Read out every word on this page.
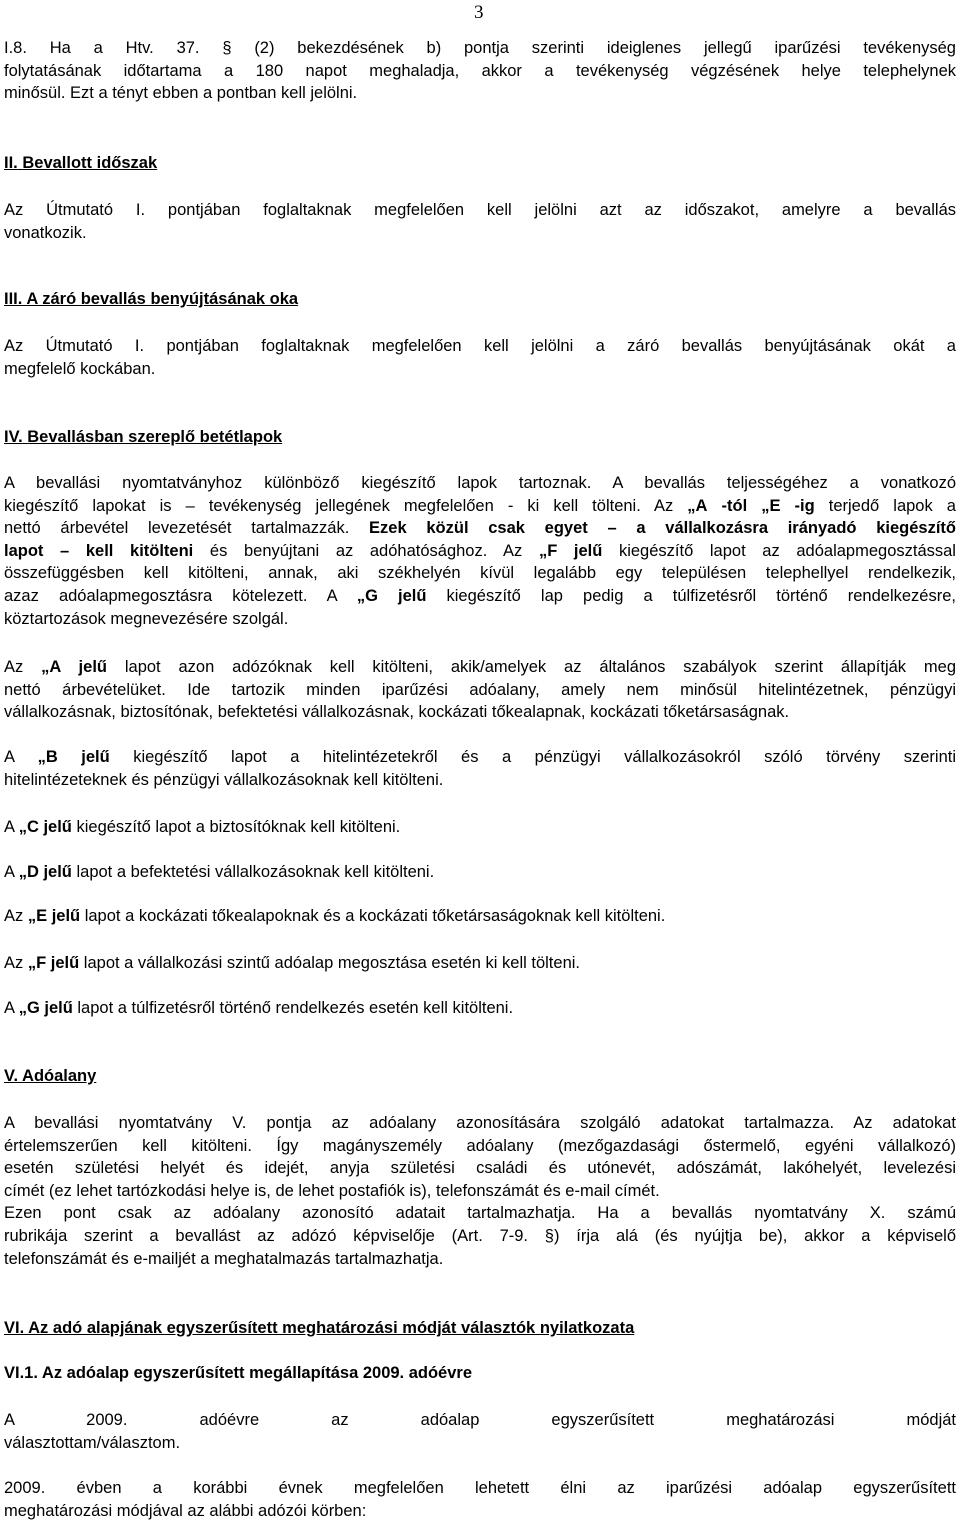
3
I.8. Ha a Htv. 37. § (2) bekezdésének b) pontja szerinti ideiglenes jellegű iparűzési tevékenység
folytatásának időtartama a 180 napot meghaladja, akkor a tevékenység végzésének helye telephelynek
minősül. Ezt a tényt ebben a pontban kell jelölni.
II. Bevallott időszak
Az Útmutató I. pontjában foglaltaknak megfelelően kell jelölni azt az időszakot, amelyre a bevallás
vonatkozik.
III. A záró bevallás benyújtásának oka
Az Útmutató I. pontjában foglaltaknak megfelelően kell jelölni a záró bevallás benyújtásának okát a
megfelelő kockában.
IV. Bevallásban szereplő betétlapok
A bevallási nyomtatványhoz különböző kiegészítő lapok tartoznak. A bevallás teljességéhez a vonatkozó
kiegészítő lapokat is – tevékenység jellegének megfelelően - ki kell tölteni. Az „A -tól „E -ig terjedő lapok a
nettó árbevétel levezetését tartalmazzák. Ezek közül csak egyet – a vállalkozásra irányadó kiegészítő
lapot – kell kitölteni és benyújtani az adóhatósághoz. Az „F jelű kiegészítő lapot az adóalapmegosztással
összefüggésben kell kitölteni, annak, aki székhelyén kívül legalább egy településen telephellyel rendelkezik,
azaz adóalapmegosztásra kötelezett. A „G jelű kiegészítő lap pedig a túlfizetésről történő rendelkezésre,
köztartozások megnevezésére szolgál.
Az „A jelű lapot azon adózóknak kell kitölteni, akik/amelyek az általános szabályok szerint állapítják meg
nettó árbevételüket. Ide tartozik minden iparűzési adóalany, amely nem minősül hitelintézetnek, pénzügyi
vállalkozásnak, biztosítónak, befektetési vállalkozásnak, kockázati tőkealapnak, kockázati tőketársaságnak.
A „B jelű kiegészítő lapot a hitelintézetekről és a pénzügyi vállalkozásokról szóló törvény szerinti
hitelintézeteknek és pénzügyi vállalkozásoknak kell kitölteni.
A „C jelű kiegészítő lapot a biztosítóknak kell kitölteni.
A „D jelű lapot a befektetési vállalkozásoknak kell kitölteni.
Az „E jelű lapot a kockázati tőkealapoknak és a kockázati tőketársaságoknak kell kitölteni.
Az „F jelű lapot a vállalkozási szintű adóalap megosztása esetén ki kell tölteni.
A „G jelű lapot a túlfizetésről történő rendelkezés esetén kell kitölteni.
V. Adóalany
A bevallási nyomtatvány V. pontja az adóalany azonosítására szolgáló adatokat tartalmazza. Az adatokat
értelemszerűen kell kitölteni. Így magányszemély adóalany (mezőgazdasági őstermelő, egyéni vállalkozó)
esetén születési helyét és idejét, anyja születési családi és utónevét, adószámát, lakóhelyét, levelezési
címét (ez lehet tartózkodási helye is, de lehet postafiók is), telefonszámát és e-mail címét.
Ezen pont csak az adóalany azonosító adatait tartalmazhatja. Ha a bevallás nyomtatvány X. számú
rubrikája szerint a bevallást az adózó képviselője (Art. 7-9. §) írja alá (és nyújtja be), akkor a képviselő
telefonszámát és e-mailjét a meghatalmazás tartalmazhatja.
VI. Az adó alapjának egyszerűsített meghatározási módját választók nyilatkozata
VI.1. Az adóalap egyszerűsített megállapítása 2009. adóévre
A 2009. adóévre az adóalap egyszerűsített meghatározási módját
választottam/választom.
2009. évben a korábbi évnek megfelelően lehetett élni az iparűzési adóalap egyszerűsített
meghatározási módjával az alábbi adózói körben:
